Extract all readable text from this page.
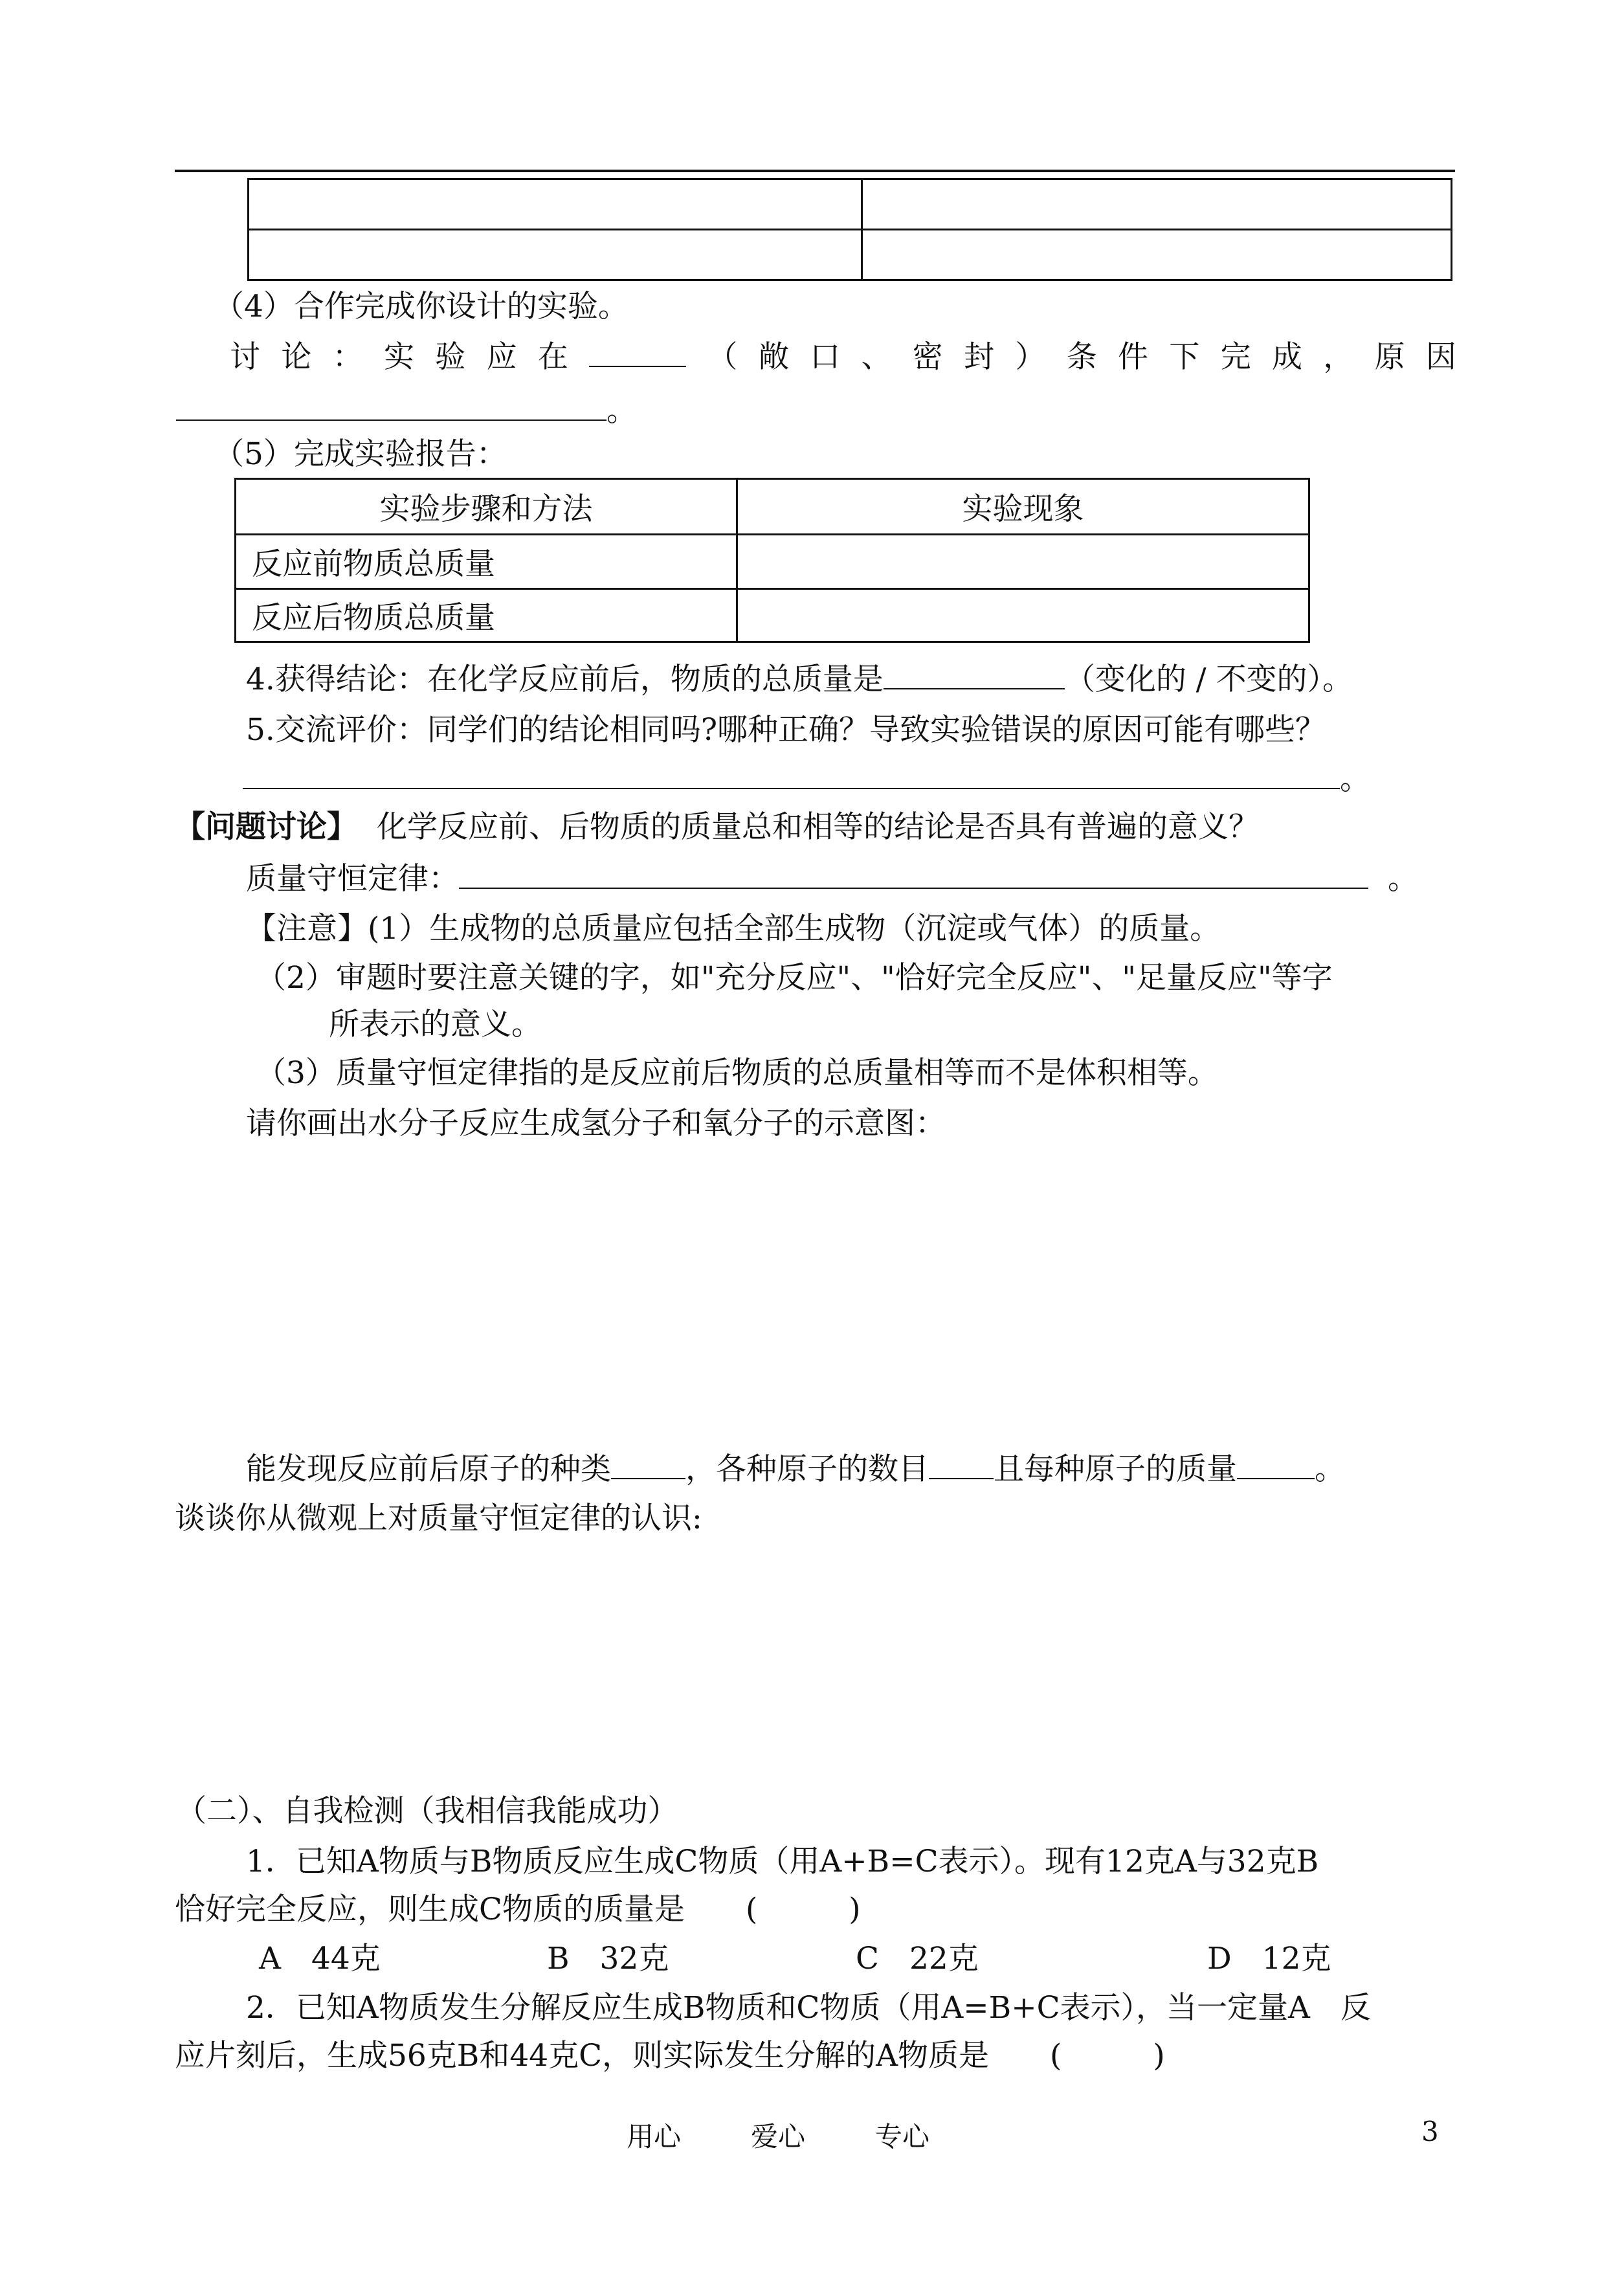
（4）合作完成你设计的实验。
讨 论 ： 实 验 应 在	（ 敞 口 、 密 封 ） 条 件 下 完 成 ， 原 因
。
（5）完成实验报告：
实验步骤和方法	实验现象
反应前物质总质量	
反应后物质总质量	
4.获得结论：在化学反应前后，物质的总质量是	（变化的 / 不变的）。
5.交流评价：同学们的结论相同吗?哪种正确？导致实验错误的原因可能有哪些？
。
【问题讨论】 化学反应前、后物质的质量总和相等的结论是否具有普遍的意义？
质量守恒定律：	。
【注意】(1）生成物的总质量应包括全部生成物（沉淀或气体）的质量。
（2）审题时要注意关键的字，如"充分反应"、"恰好完全反应"、"足量反应"等字
所表示的意义。
（3）质量守恒定律指的是反应前后物质的总质量相等而不是体积相等。
请你画出水分子反应生成氢分子和氧分子的示意图：
能发现反应前后原子的种类 ，各种原子的数目 且每种原子的质量	。
谈谈你从微观上对质量守恒定律的认识:
（二）、自我检测（我相信我能成功）
1．已知A物质与B物质反应生成C物质（用A+B=C表示）。现有12克A与32克B
恰好完全反应，则生成C物质的质量是　　(　　　)
A　44克	B　32克	C　22克	D　12克
2．已知A物质发生分解反应生成B物质和C物质（用A=B+C表示），当一定量A　反
应片刻后，生成56克B和44克C，则实际发生分解的A物质是　　(　　　)
用心	爱心	专心	3
